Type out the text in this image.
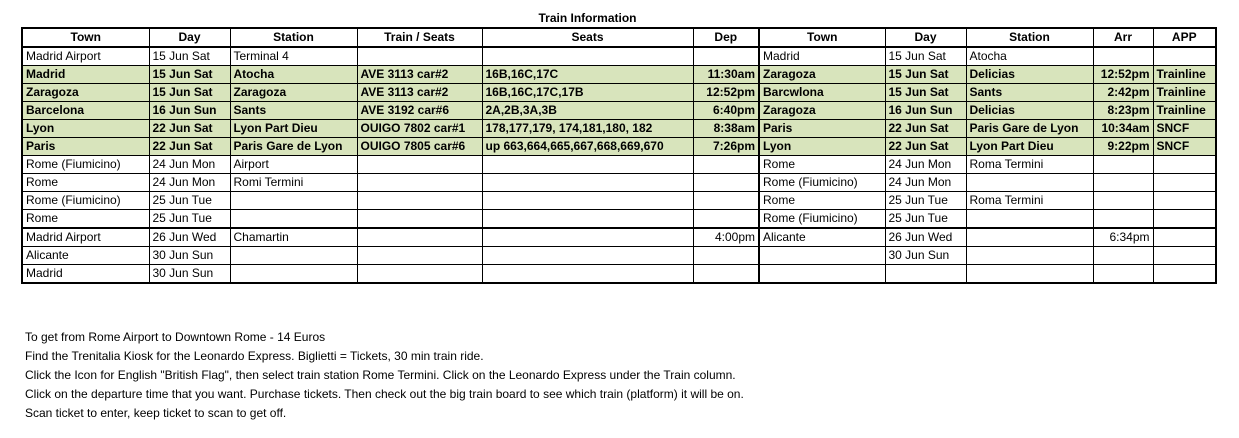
Train Information
Town	Day	Station	Train / Seats	Seats	Dep	Town	Day	Station	Arr	APP
Madrid Airport	15 Jun Sat	Terminal 4				Madrid	15 Jun Sat	Atocha		
Madrid	15 Jun Sat	Atocha	AVE 3113 car#2	16B,16C,17C	11:30am	Zaragoza	15 Jun Sat	Delicias	12:52pm	Trainline
Zaragoza	15 Jun Sat	Zaragoza	AVE 3113 car#2	16B,16C,17C,17B	12:52pm	Barcwlona	15 Jun Sat	Sants	2:42pm	Trainline
Barcelona	16 Jun Sun	Sants	AVE 3192 car#6	2A,2B,3A,3B	6:40pm	Zaragoza	16 Jun Sun	Delicias	8:23pm	Trainline
Lyon	22 Jun Sat	Lyon Part Dieu	OUIGO 7802 car#1	178,177,179, 174,181,180, 182	8:38am	Paris	22 Jun Sat	Paris Gare de Lyon	10:34am	SNCF
Paris	22 Jun Sat	Paris Gare de Lyon	OUIGO 7805 car#6	up 663,664,665,667,668,669,670	7:26pm	Lyon	22 Jun Sat	Lyon Part Dieu	9:22pm	SNCF
Rome (Fiumicino)	24 Jun Mon	Airport				Rome	24 Jun Mon	Roma Termini		
Rome	24 Jun Mon	Romi Termini				Rome (Fiumicino)	24 Jun Mon			
Rome (Fiumicino)	25 Jun Tue					Rome	25 Jun Tue	Roma Termini		
Rome	25 Jun Tue					Rome (Fiumicino)	25 Jun Tue			
Madrid Airport	26 Jun Wed	Chamartin			4:00pm	Alicante	26 Jun Wed		6:34pm	
Alicante	30 Jun Sun						30 Jun Sun			
Madrid	30 Jun Sun									

To get from Rome Airport to Downtown Rome - 14 Euros

Find the Trenitalia Kiosk for the Leonardo Express. Biglietti = Tickets, 30 min train ride.

Click the Icon for English "British Flag", then select train station Rome Termini. Click on the Leonardo Express under the Train column.

Click on the departure time that you want. Purchase tickets. Then check out the big train board to see which train (platform) it will be on.

Scan ticket to enter, keep ticket to scan to get off.
